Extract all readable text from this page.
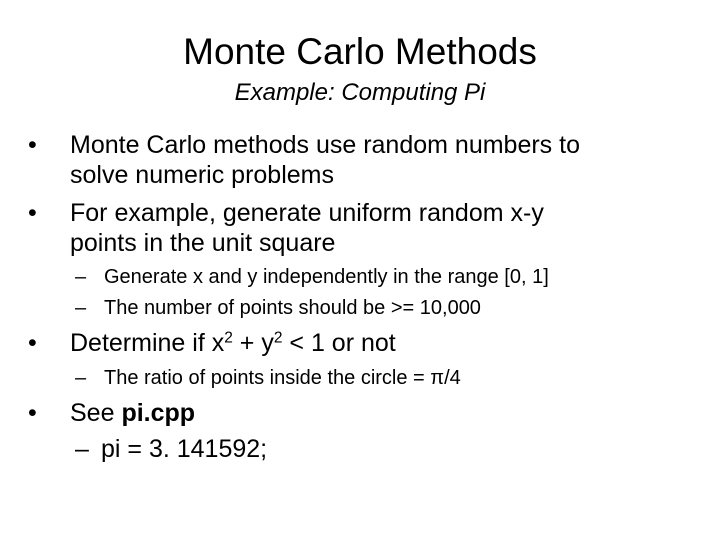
Monte Carlo Methods
Example: Computing Pi
• Monte Carlo methods use random numbers to
solve numeric problems
• For example, generate uniform random x-y
points in the unit square
– Generate x and y independently in the range [0, 1]
– The number of points should be >= 10,000
• Determine if $x^2 + y^2 < 1$ or not
– The ratio of points inside the circle = π/4
• See pi.cpp
– pi = 3. 141592;
